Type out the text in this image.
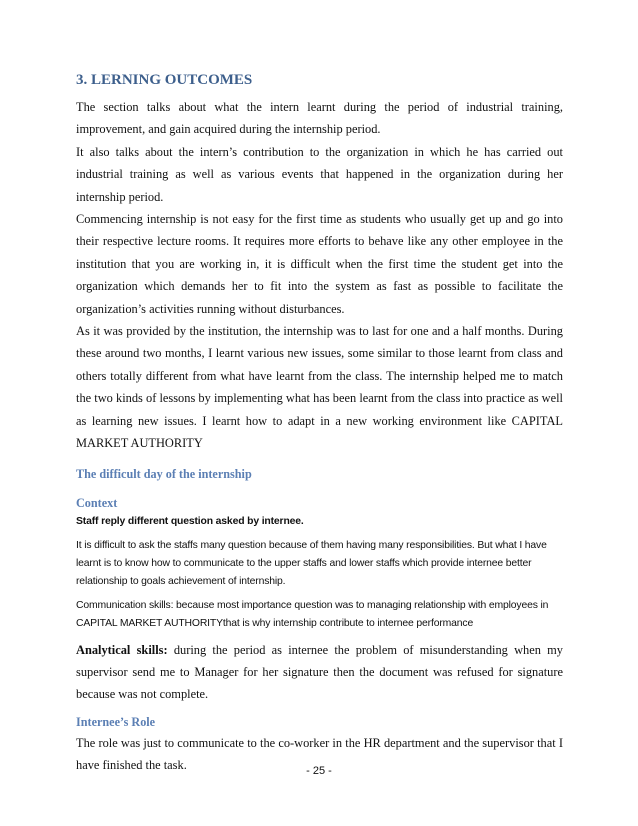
3. LERNING OUTCOMES

The section talks about what the intern learnt during the period of industrial training, improvement, and gain acquired during the internship period.

It also talks about the intern’s contribution to the organization in which he has carried out industrial training as well as various events that happened in the organization during her internship period.

Commencing internship is not easy for the first time as students who usually get up and go into their respective lecture rooms. It requires more efforts to behave like any other employee in the institution that you are working in, it is difficult when the first time the student get into the organization which demands her to fit into the system as fast as possible to facilitate the organization’s activities running without disturbances.

As it was provided by the institution, the internship was to last for one and a half months. During these around two months, I learnt various new issues, some similar to those learnt from class and others totally different from what have learnt from the class. The internship helped me to match the two kinds of lessons by implementing what has been learnt from the class into practice as well as learning new issues. I learnt how to adapt in a new working environment like CAPITAL MARKET AUTHORITY

The difficult day of the internship

Context

Staff reply different question asked by internee.

It is difficult to ask the staffs many question because of them having many responsibilities. But what I have learnt is to know how to communicate to the upper staffs and lower staffs which provide internee better relationship to goals achievement of internship.

Communication skills: because most importance question was to managing relationship with employees in CAPITAL MARKET AUTHORITYthat is why internship contribute to internee performance

Analytical skills: during the period as internee the problem of misunderstanding when my supervisor send me to Manager for her signature then the document was refused for signature because was not complete.

Internee’s Role

The role was just to communicate to the co-worker in the HR department and the supervisor that I have finished the task.	- 25 -
